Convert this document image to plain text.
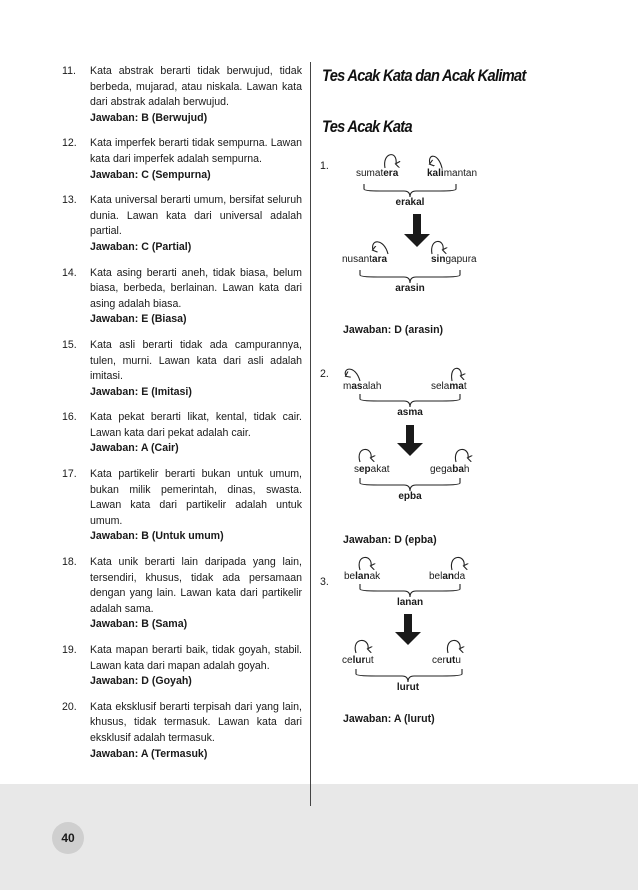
40
11. Kata abstrak berarti tidak berwujud, tidak berbeda, mujarad, atau niskala. Lawan kata dari abstrak adalah berwujud.
Jawaban: B (Berwujud)
12. Kata imperfek berarti tidak sempurna. Lawan kata dari imperfek adalah sempurna.
Jawaban: C (Sempurna)
13. Kata universal berarti umum, bersifat seluruh dunia. Lawan kata dari universal adalah partial.
Jawaban: C (Partial)
14. Kata asing berarti aneh, tidak biasa, belum biasa, berbeda, berlainan. Lawan kata dari asing adalah biasa.
Jawaban: E (Biasa)
15. Kata asli berarti tidak ada campurannya, tulen, murni. Lawan kata dari asli adalah imitasi.
Jawaban: E (Imitasi)
16. Kata pekat berarti likat, kental, tidak cair. Lawan kata dari pekat adalah cair.
Jawaban: A (Cair)
17. Kata partikelir berarti bukan untuk umum, bukan milik pemerintah, dinas, swasta. Lawan kata dari partikelir adalah untuk umum.
Jawaban: B (Untuk umum)
18. Kata unik berarti lain daripada yang lain, tersendiri, khusus, tidak ada persamaan dengan yang lain. Lawan kata dari partikelir adalah sama.
Jawaban: B (Sama)
19. Kata mapan berarti baik, tidak goyah, stabil. Lawan kata dari mapan adalah goyah.
Jawaban: D (Goyah)
20. Kata eksklusif berarti terpisah dari yang lain, khusus, tidak termasuk. Lawan kata dari eksklusif adalah termasuk.
Jawaban: A (Termasuk)
Tes Acak Kata dan Acak Kalimat
Tes Acak Kata
1.
sumatera	kalimantan
erakal
nusantara	singapura
arasin
Jawaban: D (arasin)
2.
masalah	selamat
asma
sepakat	gegabah
epba
Jawaban: D (epba)
3. belanak	belanda
lanan
celurut	cerutu
lurut
Jawaban: A (lurut)
